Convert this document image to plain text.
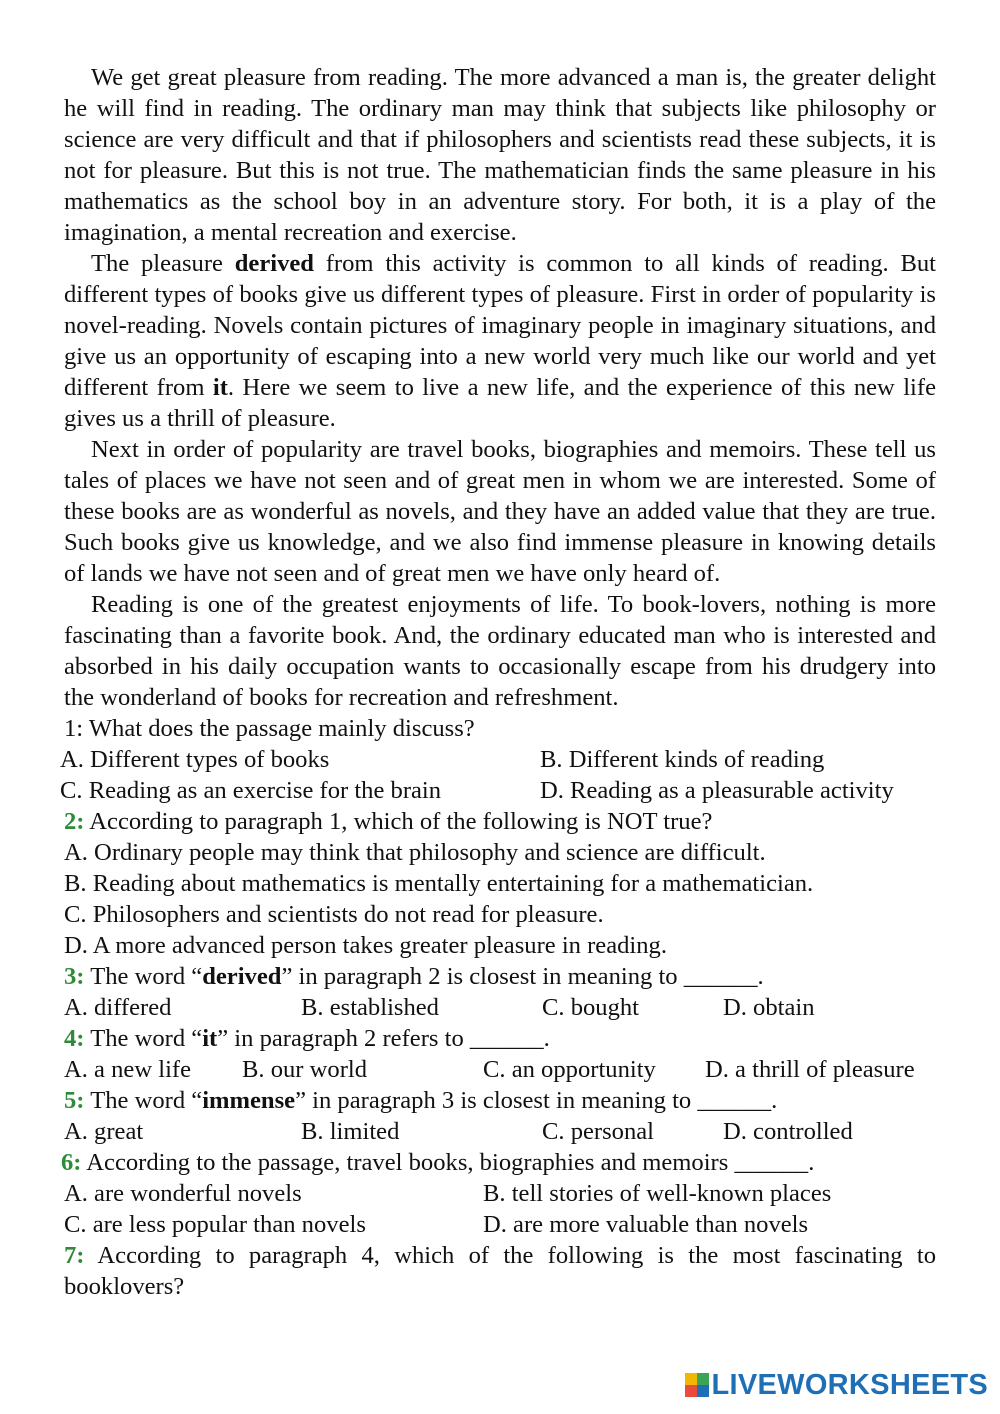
We get great pleasure from reading. The more advanced a man is, the greater delight he will find in reading. The ordinary man may think that subjects like philosophy or science are very difficult and that if philosophers and scientists read these subjects, it is not for pleasure. But this is not true. The mathematician finds the same pleasure in his mathematics as the school boy in an adventure story. For both, it is a play of the imagination, a mental recreation and exercise.

The pleasure derived from this activity is common to all kinds of reading. But different types of books give us different types of pleasure. First in order of popularity is novel-reading. Novels contain pictures of imaginary people in imaginary situations, and give us an opportunity of escaping into a new world very much like our world and yet different from it. Here we seem to live a new life, and the experience of this new life gives us a thrill of pleasure.

Next in order of popularity are travel books, biographies and memoirs. These tell us tales of places we have not seen and of great men in whom we are interested. Some of these books are as wonderful as novels, and they have an added value that they are true. Such books give us knowledge, and we also find immense pleasure in knowing details of lands we have not seen and of great men we have only heard of.

Reading is one of the greatest enjoyments of life. To book-lovers, nothing is more fascinating than a favorite book. And, the ordinary educated man who is interested and absorbed in his daily occupation wants to occasionally escape from his drudgery into the wonderland of books for recreation and refreshment.

1: What does the passage mainly discuss?

A. Different types of books	B. Different kinds of reading
C. Reading as an exercise for the brain	D. Reading as a pleasurable activity

2: According to paragraph 1, which of the following is NOT true?

A. Ordinary people may think that philosophy and science are difficult.

B. Reading about mathematics is mentally entertaining for a mathematician.

C. Philosophers and scientists do not read for pleasure.

D. A more advanced person takes greater pleasure in reading.

3: The word “derived” in paragraph 2 is closest in meaning to ______.

A. differed	B. established	C. bought	D. obtain

4: The word “it” in paragraph 2 refers to ______.

A. a new life	B. our world	C. an opportunity	D. a thrill of pleasure

5: The word “immense” in paragraph 3 is closest in meaning to ______.

A. great	B. limited	C. personal	D. controlled

6: According to the passage, travel books, biographies and memoirs ______.

A. are wonderful novels	B. tell stories of well-known places
C. are less popular than novels	D. are more valuable than novels

7: According to paragraph 4, which of the following is the most fascinating to booklovers?

LIVEWORKSHEETS
